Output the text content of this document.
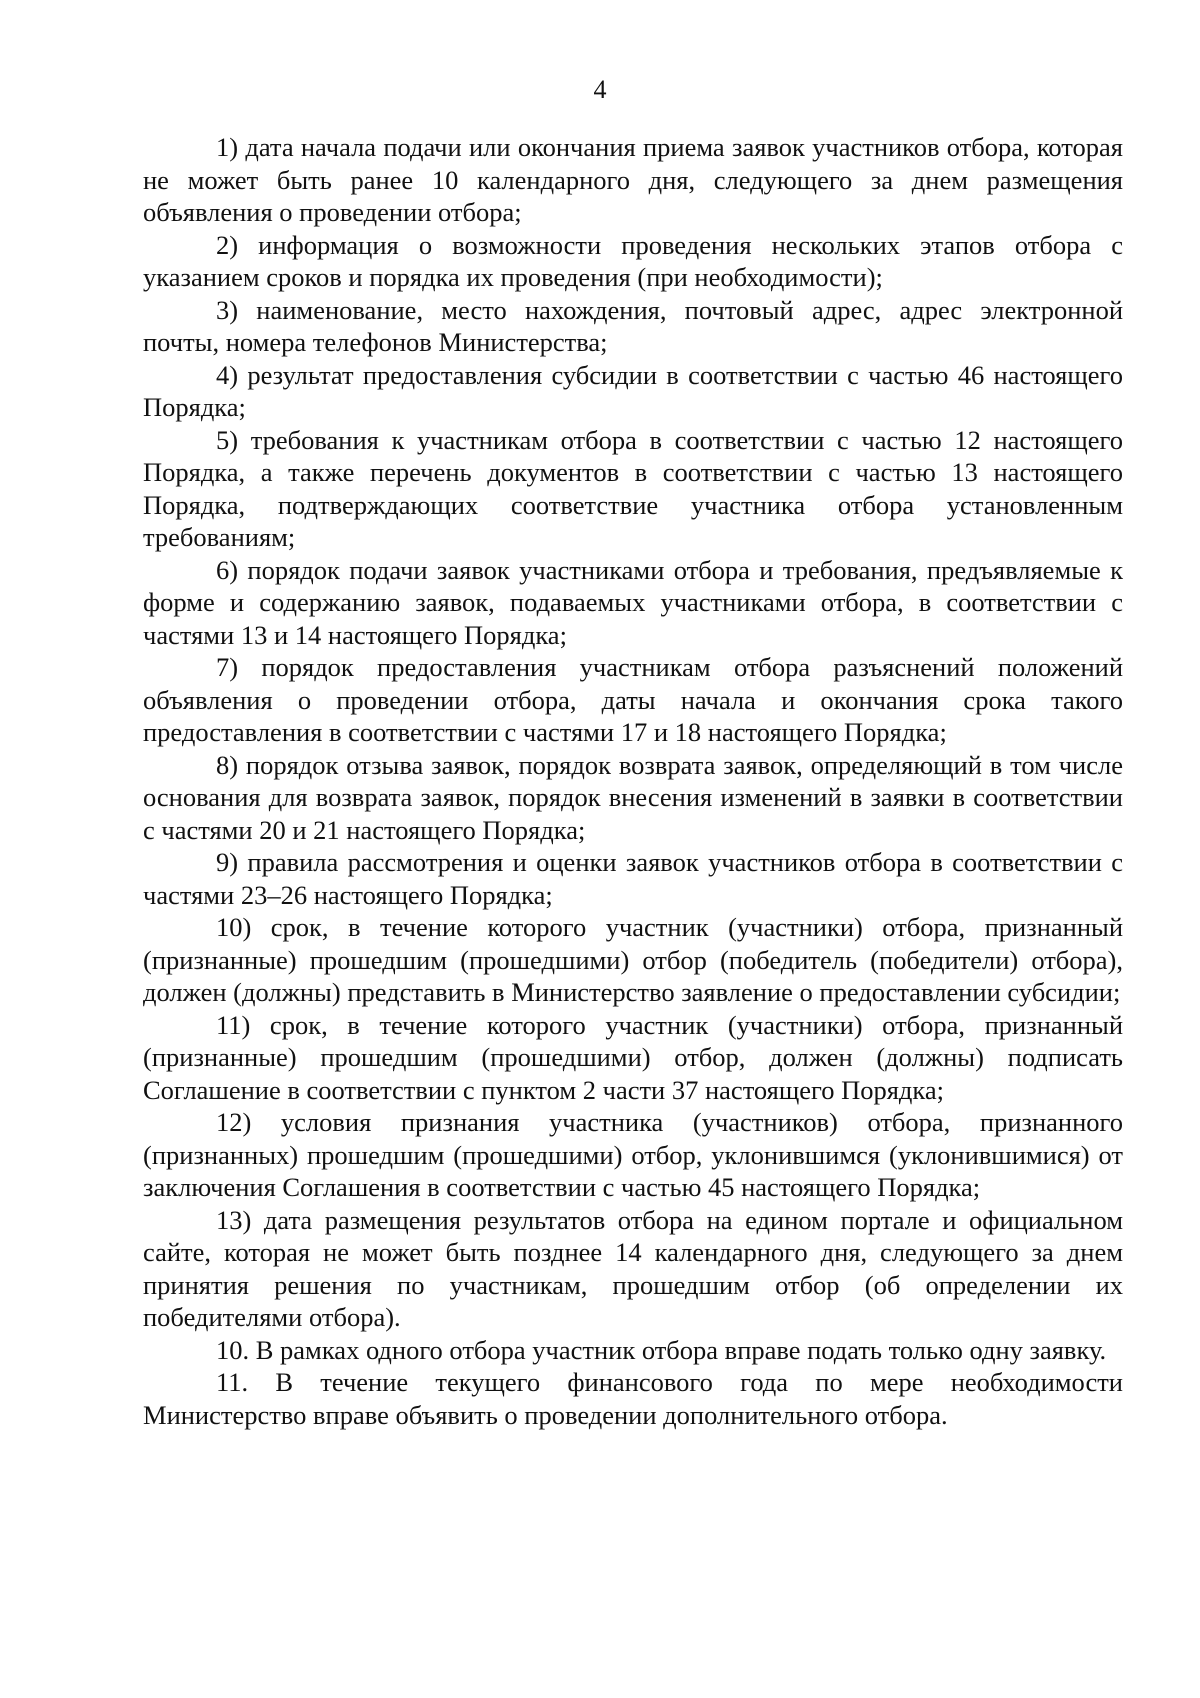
4

1) дата начала подачи или окончания приема заявок участников отбора, которая не может быть ранее 10 календарного дня, следующего за днем размещения объявления о проведении отбора;

2) информация о возможности проведения нескольких этапов отбора с указанием сроков и порядка их проведения (при необходимости);

3) наименование, место нахождения, почтовый адрес, адрес электронной почты, номера телефонов Министерства;

4) результат предоставления субсидии в соответствии с частью 46 настоящего Порядка;

5) требования к участникам отбора в соответствии с частью 12 настоящего Порядка, а также перечень документов в соответствии с частью 13 настоящего Порядка, подтверждающих соответствие участника отбора установленным требованиям;

6) порядок подачи заявок участниками отбора и требования, предъявляемые к форме и содержанию заявок, подаваемых участниками отбора, в соответствии с частями 13 и 14 настоящего Порядка;

7) порядок предоставления участникам отбора разъяснений положений объявления о проведении отбора, даты начала и окончания срока такого предоставления в соответствии с частями 17 и 18 настоящего Порядка;

8) порядок отзыва заявок, порядок возврата заявок, определяющий в том числе основания для возврата заявок, порядок внесения изменений в заявки в соответствии с частями 20 и 21 настоящего Порядка;

9) правила рассмотрения и оценки заявок участников отбора в соответствии с частями 23–26 настоящего Порядка;

10) срок, в течение которого участник (участники) отбора, признанный (признанные) прошедшим (прошедшими) отбор (победитель (победители) отбора), должен (должны) представить в Министерство заявление о предоставлении субсидии;

11) срок, в течение которого участник (участники) отбора, признанный (признанные) прошедшим (прошедшими) отбор, должен (должны) подписать Соглашение в соответствии с пунктом 2 части 37 настоящего Порядка;

12) условия признания участника (участников) отбора, признанного (признанных) прошедшим (прошедшими) отбор, уклонившимся (уклонившимися) от заключения Соглашения в соответствии с частью 45 настоящего Порядка;

13) дата размещения результатов отбора на едином портале и официальном сайте, которая не может быть позднее 14 календарного дня, следующего за днем принятия решения по участникам, прошедшим отбор (об определении их победителями отбора).

10. В рамках одного отбора участник отбора вправе подать только одну заявку.

11. В течение текущего финансового года по мере необходимости Министерство вправе объявить о проведении дополнительного отбора.
